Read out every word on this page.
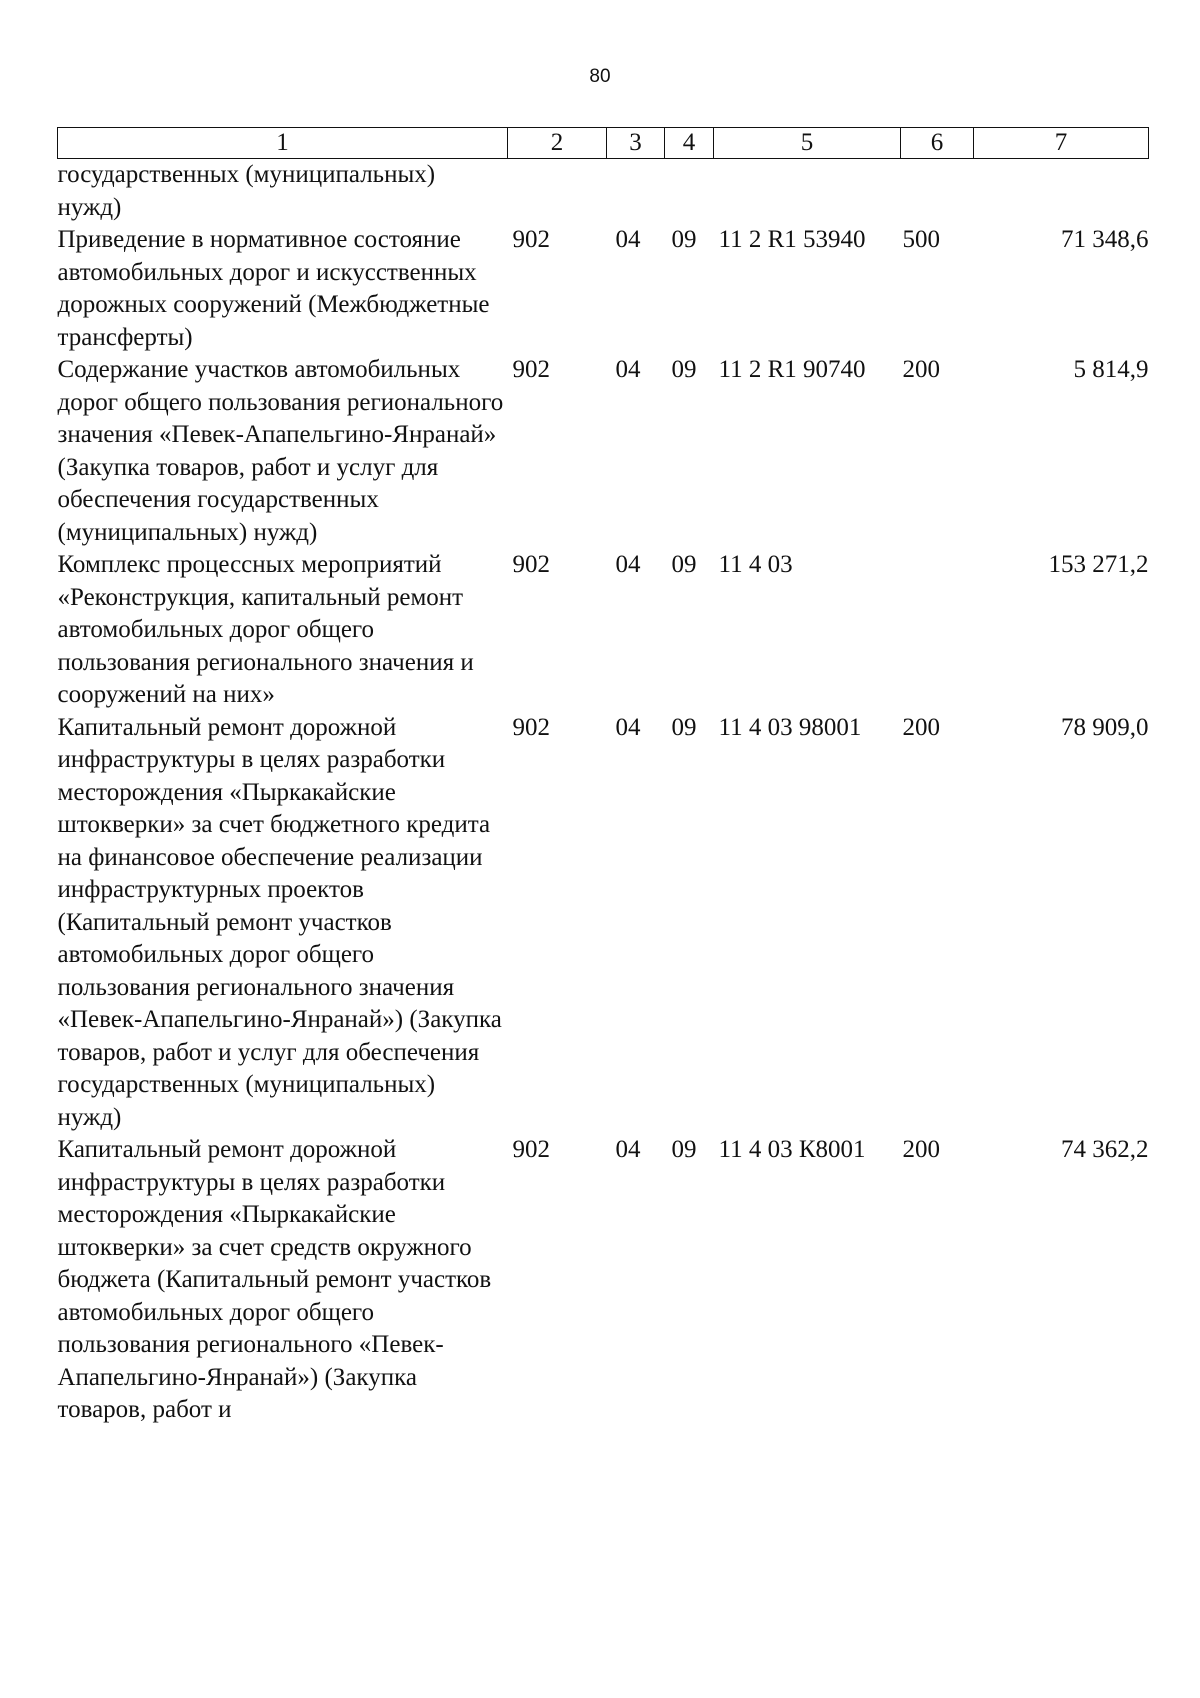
80
1	2	3	4	5	6	7
государственных (муниципальных) нужд)						
Приведение в нормативное состояние автомобильных дорог и искусственных дорожных сооружений (Межбюджетные трансферты)	902	04	09	11 2 R1 53940	500	71 348,6
Содержание участков автомобильных дорог общего пользования регионального значения «Певек-Апапельгино-Янранай» (Закупка товаров, работ и услуг для обеспечения государственных (муниципальных) нужд)	902	04	09	11 2 R1 90740	200	5 814,9
Комплекс процессных мероприятий «Реконструкция, капитальный ремонт автомобильных дорог общего пользования регионального значения и сооружений на них»	902	04	09	11 4 03		153 271,2
Капитальный ремонт дорожной инфраструктуры в целях разработки месторождения «Пыркакайские штокверки» за счет бюджетного кредита на финансовое обеспечение реализации инфраструктурных проектов (Капитальный ремонт участков автомобильных дорог общего пользования регионального значения «Певек-Апапельгино-Янранай») (Закупка товаров, работ и услуг для обеспечения государственных (муниципальных) нужд)	902	04	09	11 4 03 98001	200	78 909,0
Капитальный ремонт дорожной инфраструктуры в целях разработки месторождения «Пыркакайские штокверки» за счет средств окружного бюджета (Капитальный ремонт участков автомобильных дорог общего пользования регионального «Певек-Апапельгино-Янранай») (Закупка товаров, работ и	902	04	09	11 4 03 К8001	200	74 362,2
